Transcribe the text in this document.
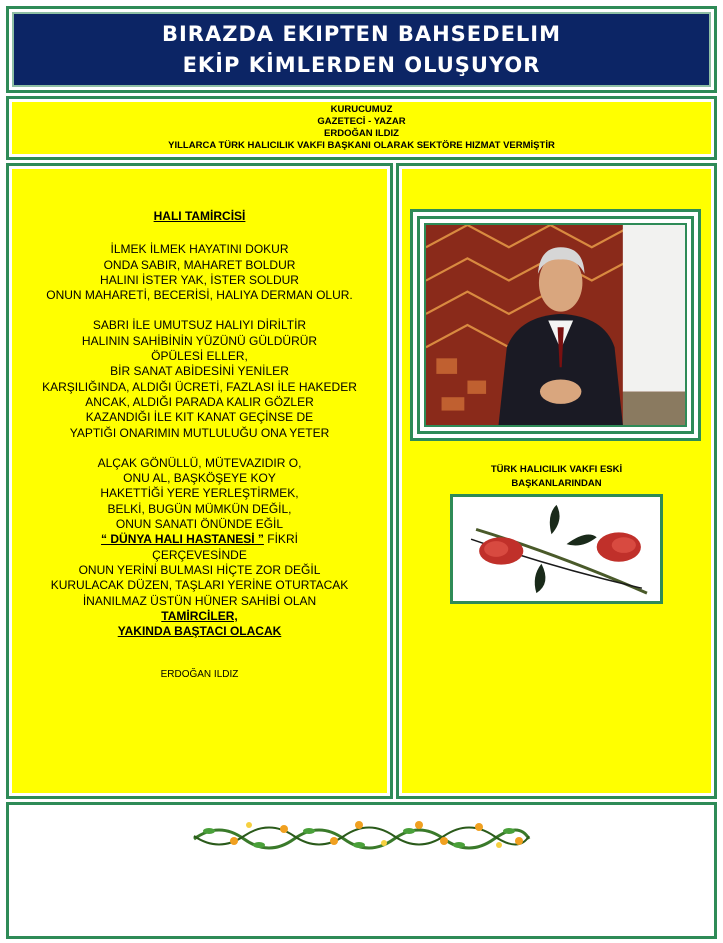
BIRAZDA EKIPTEN BAHSEDELIM
EKİP KİMLERDEN OLUŞUYOR
KURUCUMUZ
GAZETECİ - YAZAR
ERDOĞAN ILDIZ
YILLARCA TÜRK HALICILIK VAKFI BAŞKANI OLARAK SEKTÖRE HIZMAT VERMİŞTİR
HALI TAMİRCİSİ
İLMEK İLMEK HAYATINI DOKUR
ONDA SABIR, MAHARET BOLDUR
HALINI İSTER YAK, İSTER SOLDUR
ONUN MAHARETİ, BECERİSİ, HALIYA DERMAN OLUR.
SABRI İLE UMUTSUZ HALIYI DİRİLTİR
HALININ SAHİBİNİN YÜZÜNÜ GÜLDÜRÜR
ÖPÜLESİ ELLER,
BİR SANAT ABİDESİNİ YENİLER
KARŞILIĞINDA, ALDIĞI ÜCRETİ, FAZLASI İLE HAKEDER
ANCAK, ALDIĞI PARADA KALIR GÖZLER
KAZANDIĞI İLE KIT KANAT GEÇİNSE DE
YAPTIĞI ONARIMIN MUTLULUĞU ONA YETER
ALÇAK GÖNÜLLÜ, MÜTEVAZIDIR O,
ONU AL, BAŞKÖŞEYE KOY
HAKETTİĞİ YERE YERLEŞTİRMEK,
BELKİ, BUGÜN MÜMKÜN DEĞİL,
ONUN SANATI ÖNÜNDE EĞİL
“ DÜNYA HALI HASTANESİ ” FİKRİ
ÇERÇEVESİNDE
ONUN YERİNİ BULMASI HİÇTE ZOR DEĞİL
KURULACAK DÜZEN, TAŞLARI YERİNE OTURTACAK
İNANILMAZ ÜSTÜN HÜNER SAHİBİ OLAN
TAMİRCİLER,
YAKINDA BAŞTACI OLACAK
ERDOĞAN ILDIZ
TÜRK HALICILIK VAKFI ESKİ
BAŞKANLARINDAN
